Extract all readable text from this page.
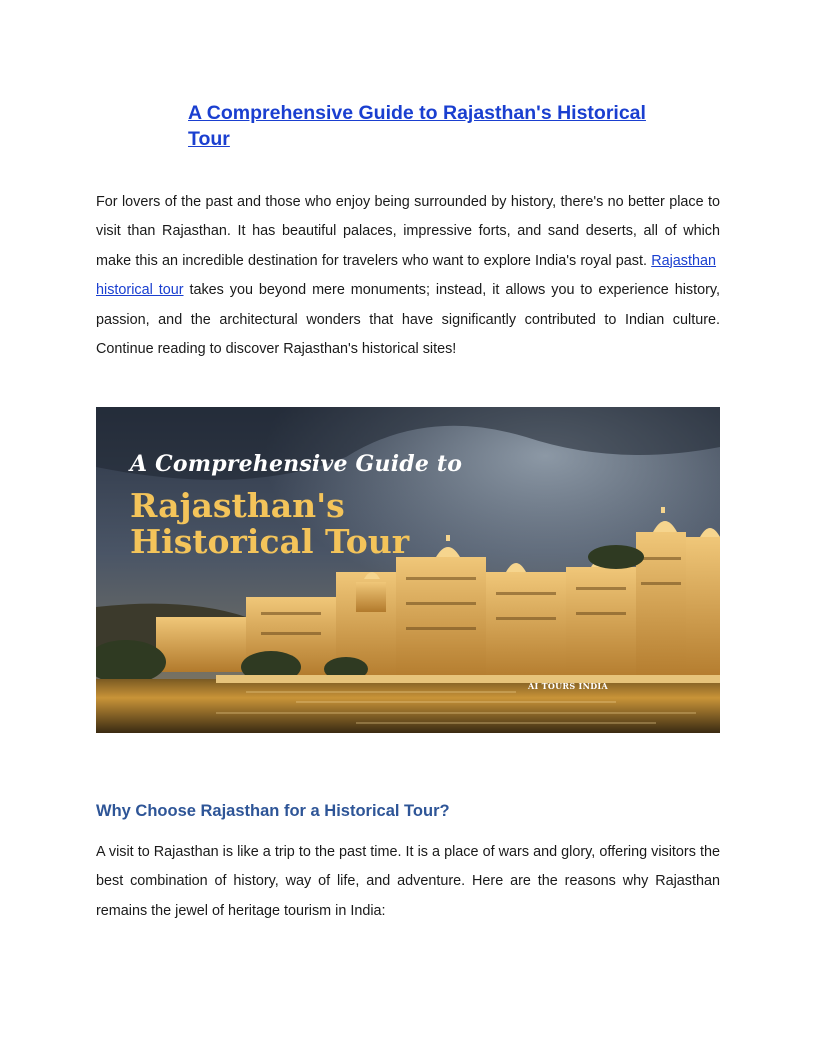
A Comprehensive Guide to Rajasthan's Historical Tour

For lovers of the past and those who enjoy being surrounded by history, there's no better place to visit than Rajasthan. It has beautiful palaces, impressive forts, and sand deserts, all of which make this an incredible destination for travelers who want to explore India's royal past. Rajasthan  historical tour takes you beyond mere monuments; instead, it allows you to experience history, passion, and the architectural wonders that have significantly contributed to Indian culture. Continue reading to discover Rajasthan's historical sites!

A Comprehensive Guide to
Rajasthan's
Historical Tour
AI TOURS INDIA
Why Choose Rajasthan for a Historical Tour?

A visit to Rajasthan is like a trip to the past time. It is a place of wars and glory, offering visitors the best combination of history, way of life, and adventure. Here are the reasons why Rajasthan remains the jewel of heritage tourism in India:
